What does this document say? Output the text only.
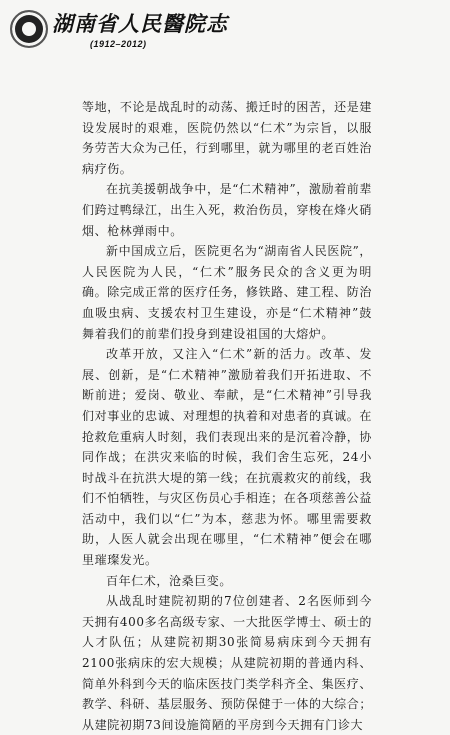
湖南省人民醫院志
(1912–2012)

等地，不论是战乱时的动荡、搬迁时的困苦，还是建设发展时的艰难，医院仍然以“仁术”为宗旨，以服务劳苦大众为己任，行到哪里，就为哪里的老百姓治病疗伤。

在抗美援朝战争中，是“仁术精神”，激励着前辈们跨过鸭绿江，出生入死，救治伤员，穿梭在烽火硝烟、枪林弹雨中。

新中国成立后，医院更名为“湖南省人民医院”，人民医院为人民，“仁术”服务民众的含义更为明确。除完成正常的医疗任务，修铁路、建工程、防治血吸虫病、支援农村卫生建设，亦是“仁术精神”鼓舞着我们的前辈们投身到建设祖国的大熔炉。

改革开放，又注入“仁术”新的活力。改革、发展、创新，是“仁术精神”激励着我们开拓进取、不断前进；爱岗、敬业、奉献，是“仁术精神”引导我们对事业的忠诚、对理想的执着和对患者的真诚。在抢救危重病人时刻，我们表现出来的是沉着冷静，协同作战；在洪灾来临的时候，我们舍生忘死，24小时战斗在抗洪大堤的第一线；在抗震救灾的前线，我们不怕牺牲，与灾区伤员心手相连；在各项慈善公益活动中，我们以“仁”为本，慈悲为怀。哪里需要救助，人医人就会出现在哪里，“仁术精神”便会在哪里璀璨发光。

百年仁术，沧桑巨变。

从战乱时建院初期的7位创建者、2名医师到今天拥有400多名高级专家、一大批医学博士、硕士的人才队伍；从建院初期30张简易病床到今天拥有2100张病床的宏大规模；从建院初期的普通内科、简单外科到今天的临床医技门类学科齐全、集医疗、教学、科研、基层服务、预防保健于一体的大综合；从建院初期73间设施简陋的平房到今天拥有门诊大
